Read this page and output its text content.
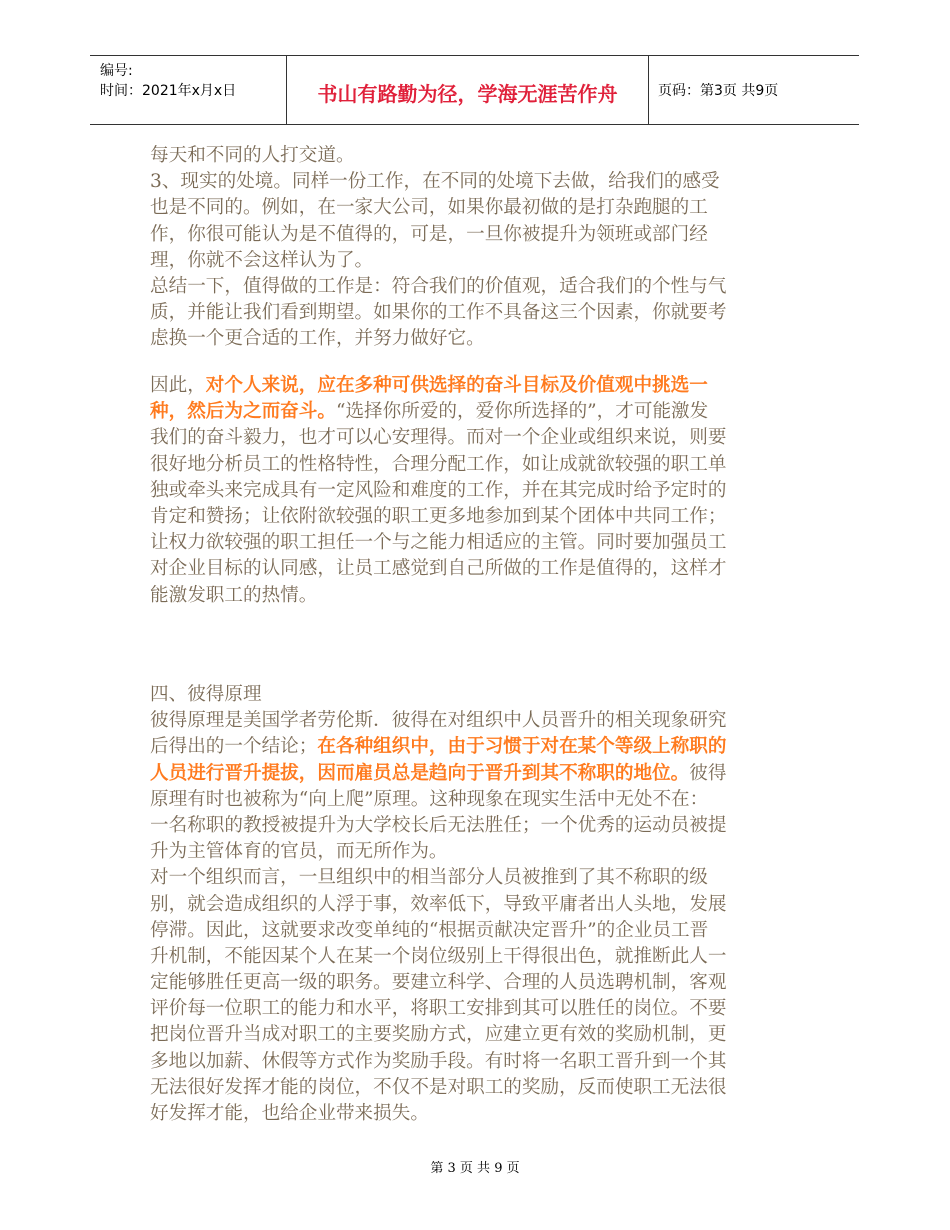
编号:
时间：2021年x月x日	书山有路勤为径，学海无涯苦作舟	页码：第3页 共9页
每天和不同的人打交道。
3、现实的处境。同样一份工作，在不同的处境下去做，给我们的感受
也是不同的。例如，在一家大公司，如果你最初做的是打杂跑腿的工
作，你很可能认为是不值得的，可是，一旦你被提升为领班或部门经
理，你就不会这样认为了。
总结一下，值得做的工作是：符合我们的价值观，适合我们的个性与气
质，并能让我们看到期望。如果你的工作不具备这三个因素，你就要考
虑换一个更合适的工作，并努力做好它。
因此，对个人来说，应在多种可供选择的奋斗目标及价值观中挑选一
种，然后为之而奋斗。“选择你所爱的，爱你所选择的”，才可能激发
我们的奋斗毅力，也才可以心安理得。而对一个企业或组织来说，则要
很好地分析员工的性格特性，合理分配工作，如让成就欲较强的职工单
独或牵头来完成具有一定风险和难度的工作，并在其完成时给予定时的
肯定和赞扬；让依附欲较强的职工更多地参加到某个团体中共同工作；
让权力欲较强的职工担任一个与之能力相适应的主管。同时要加强员工
对企业目标的认同感，让员工感觉到自己所做的工作是值得的，这样才
能激发职工的热情。
四、彼得原理
彼得原理是美国学者劳伦斯．彼得在对组织中人员晋升的相关现象研究
后得出的一个结论；在各种组织中，由于习惯于对在某个等级上称职的
人员进行晋升提拔，因而雇员总是趋向于晋升到其不称职的地位。彼得
原理有时也被称为“向上爬”原理。这种现象在现实生活中无处不在：
一名称职的教授被提升为大学校长后无法胜任；一个优秀的运动员被提
升为主管体育的官员，而无所作为。
对一个组织而言，一旦组织中的相当部分人员被推到了其不称职的级
别，就会造成组织的人浮于事，效率低下，导致平庸者出人头地，发展
停滞。因此，这就要求改变单纯的“根据贡献决定晋升”的企业员工晋
升机制，不能因某个人在某一个岗位级别上干得很出色，就推断此人一
定能够胜任更高一级的职务。要建立科学、合理的人员选聘机制，客观
评价每一位职工的能力和水平，将职工安排到其可以胜任的岗位。不要
把岗位晋升当成对职工的主要奖励方式，应建立更有效的奖励机制，更
多地以加薪、休假等方式作为奖励手段。有时将一名职工晋升到一个其
无法很好发挥才能的岗位，不仅不是对职工的奖励，反而使职工无法很
好发挥才能，也给企业带来损失。
第 3 页 共 9 页
